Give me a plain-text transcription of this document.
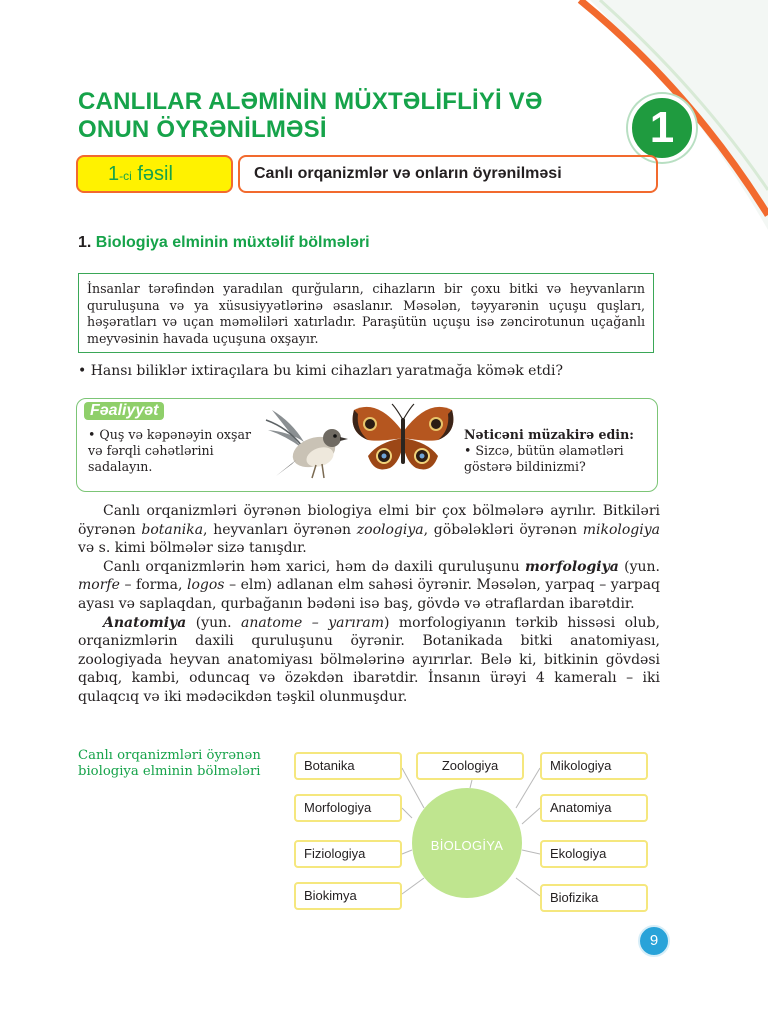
CANLILAR ALƏMİNİN MÜXTƏLİFLİYİ VƏ
ONUN ÖYRƏNİLMƏSİ	1
1-ci fəsil	Canlı orqanizmlər və onların öyrənilməsi
1. Biologiya elminin müxtəlif bölmələri
İnsanlar tərəfindən yaradılan qurğuların, cihazların bir çoxu bitki və heyvanların quruluşuna və ya xüsusiyyətlərinə əsaslanır. Məsələn, təyyarənin uçuşu quşları, həşəratları və uçan məməliləri xatırladır. Paraşütün uçuşu isə zəncirotunun uçağanlı meyvəsinin havada uçuşuna oxşayır.
• Hansı biliklər ixtiraçılara bu kimi cihazları yaratmağa kömək etdi?
Fəaliyyət
• Quş və kəpənəyin oxşar və fərqli cəhətlərini sadalayın.
Nəticəni müzakirə edin:
• Sizcə, bütün əlamətləri göstərə bildinizmi?

Canlı orqanizmləri öyrənən biologiya elmi bir çox bölmələrə ayrılır. Bitkiləri öyrənən botanika, heyvanları öyrənən zoologiya, göbələkləri öyrənən mikologiya və s. kimi bölmələr sizə tanışdır.

Canlı orqanizmlərin həm xarici, həm də daxili quruluşunu morfologiya (yun. morfe – forma, logos – elm) adlanan elm sahəsi öyrənir. Məsələn, yarpaq – yarpaq ayası və saplaqdan, qurbağanın bədəni isə baş, gövdə və ətraflardan ibarətdir.

Anatomiya (yun. anatome – yarıram) morfologiyanın tərkib hissəsi olub, orqanizmlərin daxili quruluşunu öyrənir. Botanikada bitki anatomiyası, zoologiyada heyvan anatomiyası bölmələrinə ayırırlar. Belə ki, bitkinin gövdəsi qabıq, kambi, oduncaq və özəkdən ibarətdir. İnsanın ürəyi 4 kameralı – iki qulaqcıq və iki mədəcikdən təşkil olunmuşdur.

Canlı orqanizmləri öyrənən biologiya elminin bölmələri	Botanika	Zoologiya	Mikologiya
Morfologiya	Anatomiya
Fiziologiya	Ekologiya
Biokimya	Biofizika
BİOLOGİYA
9
